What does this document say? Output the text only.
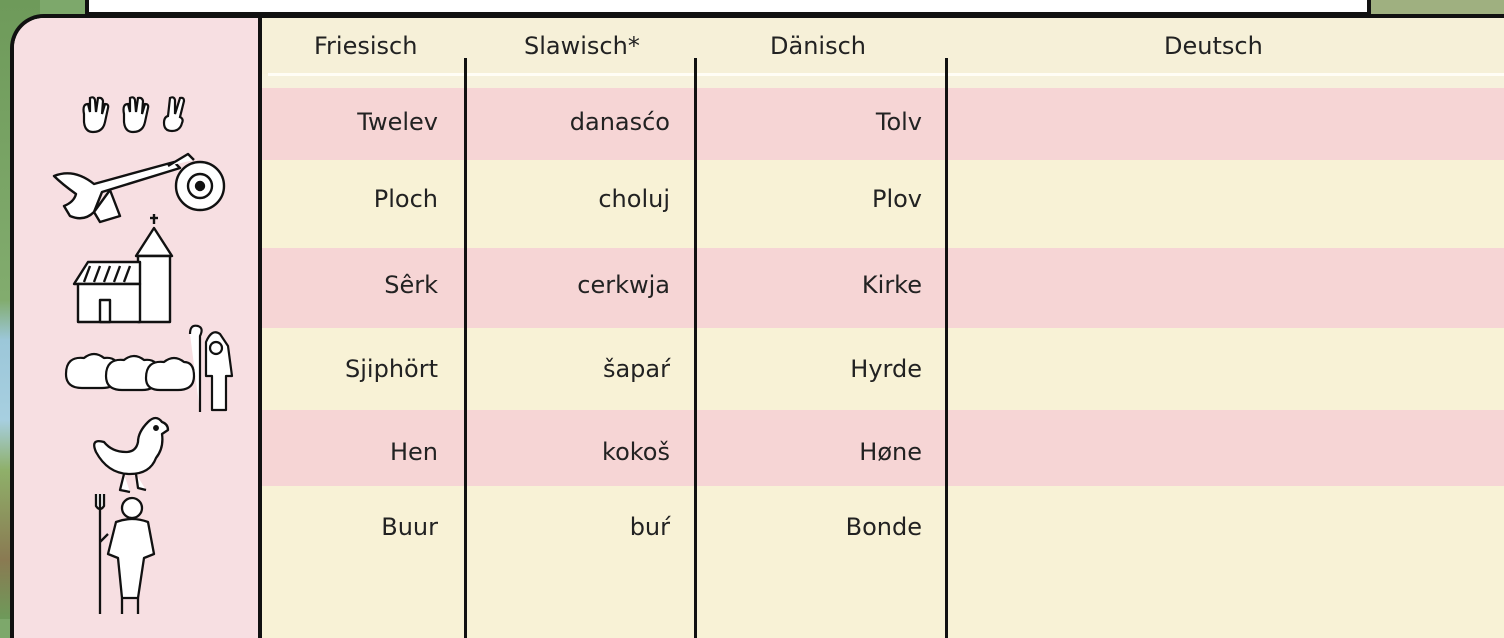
Friesisch	Slawisch*	Dänisch	Deutsch
Twelev	danasćo	Tolv
Ploch	choluj	Plov
Sêrk	cerkwja	Kirke
Sjiphört	šapaŕ	Hyrde
Hen	kokoš	Høne
Buur	buŕ	Bonde
